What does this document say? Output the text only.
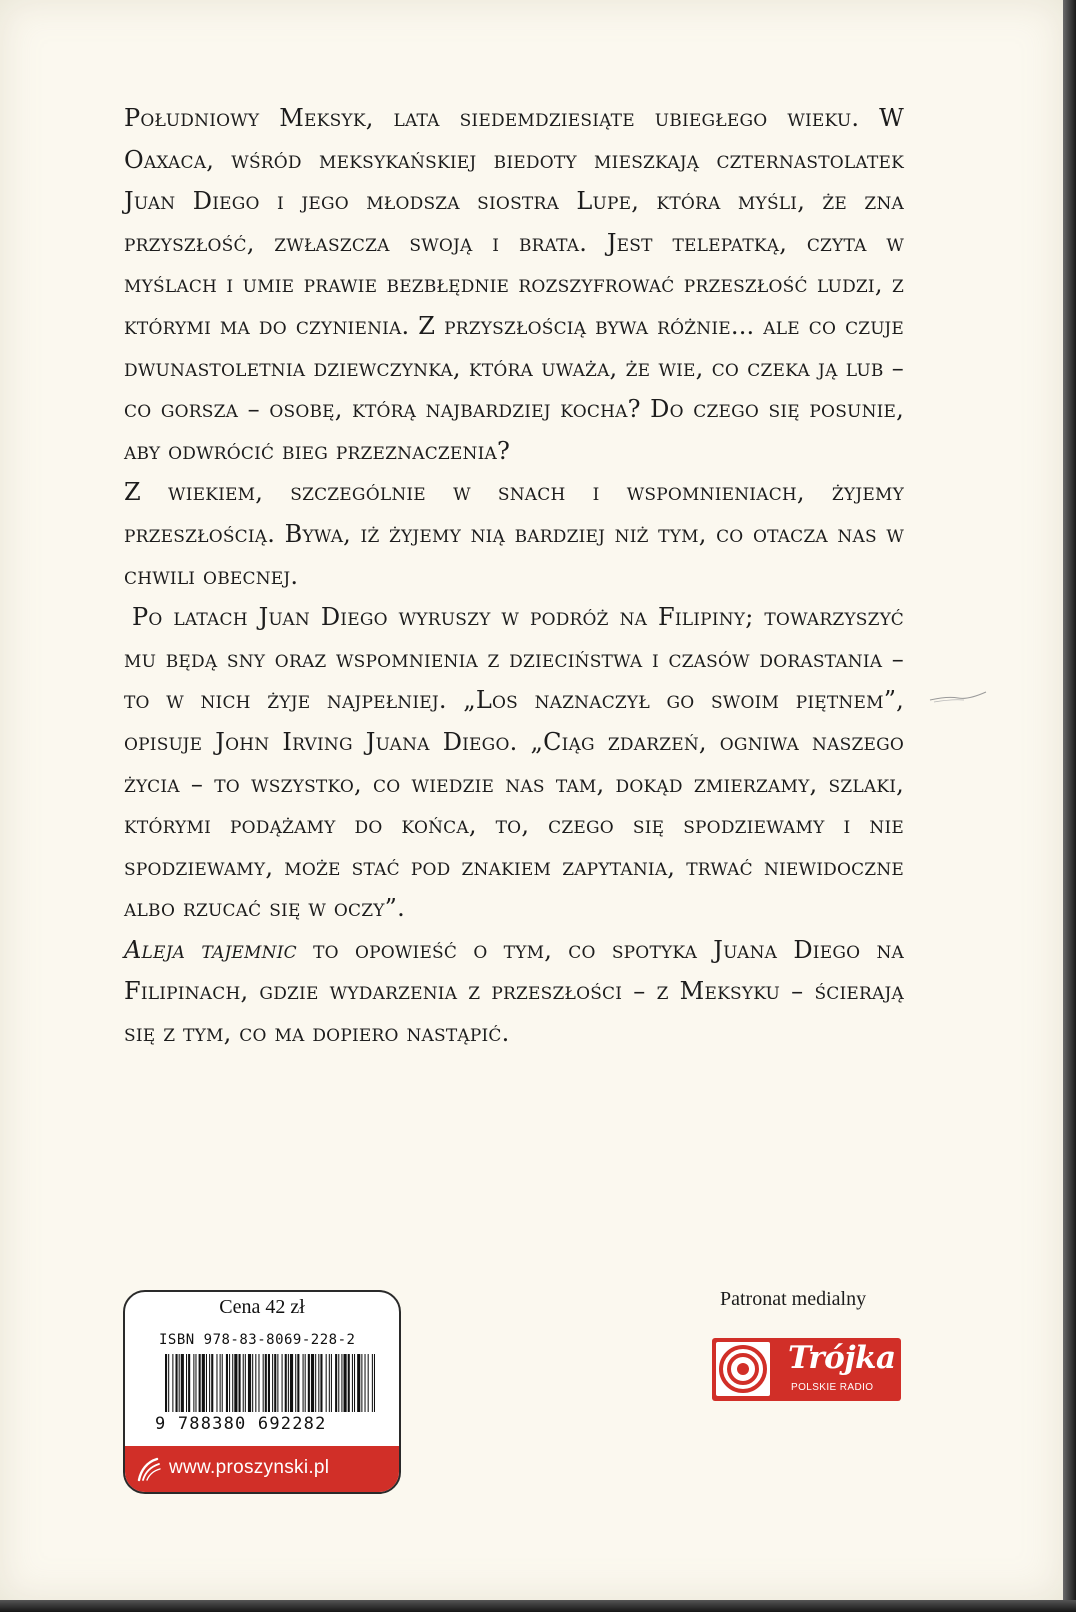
Południowy Meksyk, lata siedemdziesiąte ubiegłego wieku. W Oaxaca, wśród meksykańskiej biedoty mieszkają czternastolatek Juan Diego i jego młodsza siostra Lupe, która myśli, że zna przyszłość, zwłaszcza swoją i brata. Jest telepatką, czyta w myślach i umie prawie bezbłędnie rozszyfrować przeszłość ludzi, z którymi ma do czynienia. Z przyszłością bywa różnie... ale co czuje dwunastoletnia dziewczynka, która uważa, że wie, co czeka ją lub – co gorsza – osobę, którą najbardziej kocha? Do czego się posunie, aby odwrócić bieg przeznaczenia?

Z wiekiem, szczególnie w snach i wspomnieniach, żyjemy przeszłością. Bywa, iż żyjemy nią bardziej niż tym, co otacza nas w chwili obecnej.

Po latach Juan Diego wyruszy w podróż na Filipiny; towarzyszyć mu będą sny oraz wspomnienia z dzieciństwa i czasów dorastania – to w nich żyje najpełniej. „Los naznaczył go swoim piętnem”, opisuje John Irving Juana Diego. „Ciąg zdarzeń, ogniwa naszego życia – to wszystko, co wiedzie nas tam, dokąd zmierzamy, szlaki, którymi podążamy do końca, to, czego się spodziewamy i nie spodziewamy, może stać pod znakiem zapytania, trwać niewidoczne albo rzucać się w oczy”.

Aleja tajemnic to opowieść o tym, co spotyka Juana Diego na Filipinach, gdzie wydarzenia z przeszłości – z Meksyku – ścierają się z tym, co ma dopiero nastąpić.

Cena 42 zł
ISBN 978-83-8069-228-2
9 788380 692282
www.proszynski.pl
Patronat medialny
Trójka
POLSKIE RADIO
